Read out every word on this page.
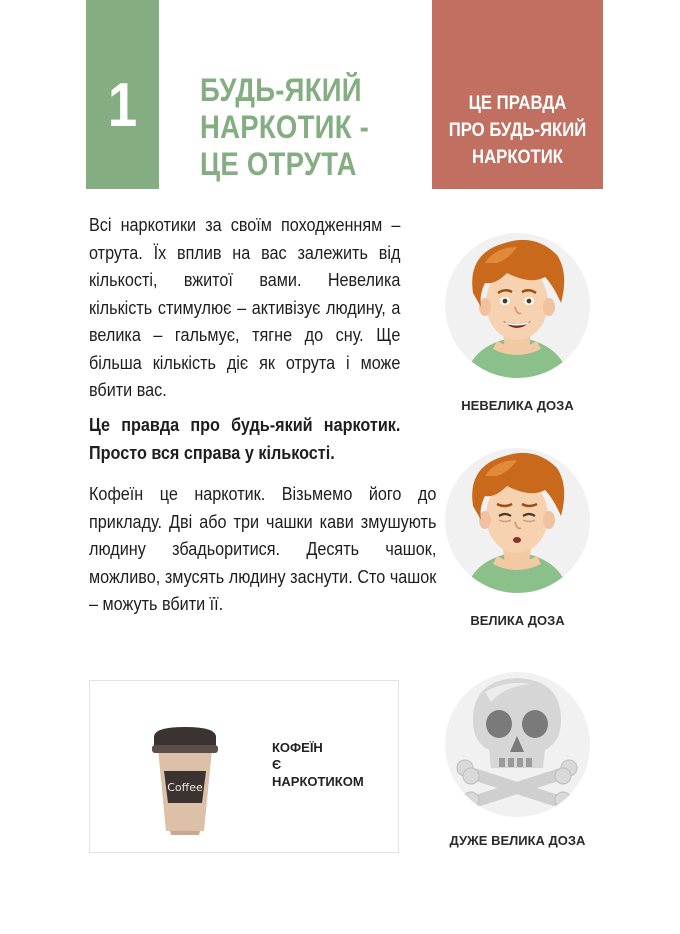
1	БУДЬ-ЯКИЙ
НАРКОТИК -
ЦЕ ОТРУТА
ЦЕ ПРАВДА
ПРО БУДЬ-ЯКИЙ
НАРКОТИК
Всі наркотики за своїм походженням – отрута. Їх вплив на вас залежить від кількості, вжитої вами. Невелика кількість стимулює – активізує людину, а велика – гальмує, тягне до сну. Ще більша кількість діє як отрута і може вбити вас.
Це правда про будь-який наркотик. Просто вся справа у кількості.
Кофеїн це наркотик. Візьмемо його до прикладу. Дві або три чашки кави змушують людину збадьоритися. Десять чашок, можливо, змусять людину заснути. Сто чашок – можуть вбити її.
Coffee
КОФЕЇН
Є
НАРКОТИКОМ
НЕВЕЛИКА ДОЗА
ВЕЛИКА ДОЗА
ДУЖЕ ВЕЛИКА ДОЗА
